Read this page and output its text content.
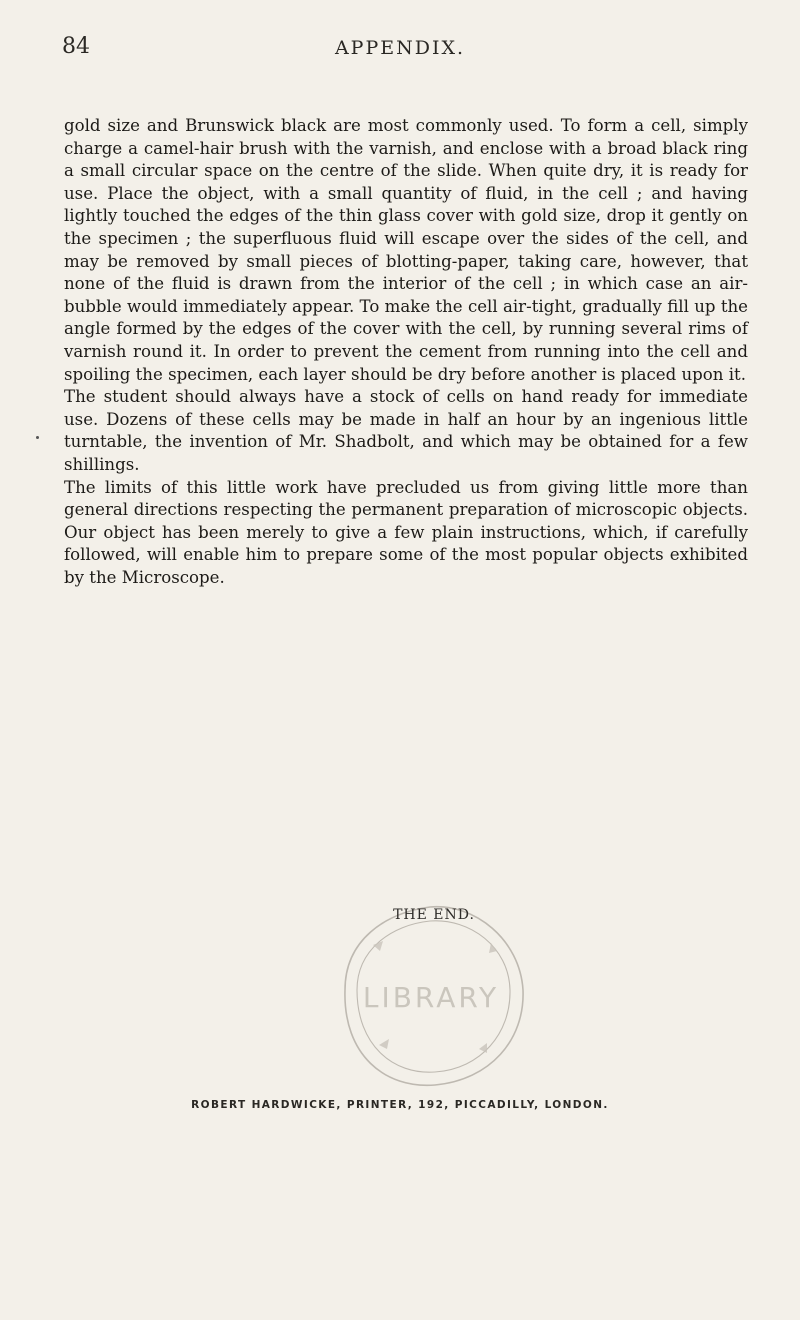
84	APPENDIX.

gold size and Brunswick black are most commonly used. To form a cell, simply charge a camel-hair brush with the varnish, and enclose with a broad black ring a small circular space on the centre of the slide. When quite dry, it is ready for use. Place the object, with a small quantity of fluid, in the cell ; and having lightly touched the edges of the thin glass cover with gold size, drop it gently on the specimen ; the superfluous fluid will escape over the sides of the cell, and may be removed by small pieces of blotting-paper, taking care, however, that none of the fluid is drawn from the interior of the cell ; in which case an air-bubble would immediately appear. To make the cell air-tight, gradually fill up the angle formed by the edges of the cover with the cell, by running several rims of varnish round it. In order to prevent the cement from running into the cell and spoiling the specimen, each layer should be dry before another is placed upon it.

The student should always have a stock of cells on hand ready for immediate use. Dozens of these cells may be made in half an hour by an ingenious little turntable, the invention of Mr. Shadbolt, and which may be obtained for a few shillings.

The limits of this little work have precluded us from giving little more than general directions respecting the permanent preparation of microscopic objects. Our object has been merely to give a few plain instructions, which, if carefully followed, will enable him to prepare some of the most popular objects exhibited by the Microscope.

THE END.
LIBRARY
ROBERT HARDWICKE, PRINTER, 192, PICCADILLY, LONDON.
